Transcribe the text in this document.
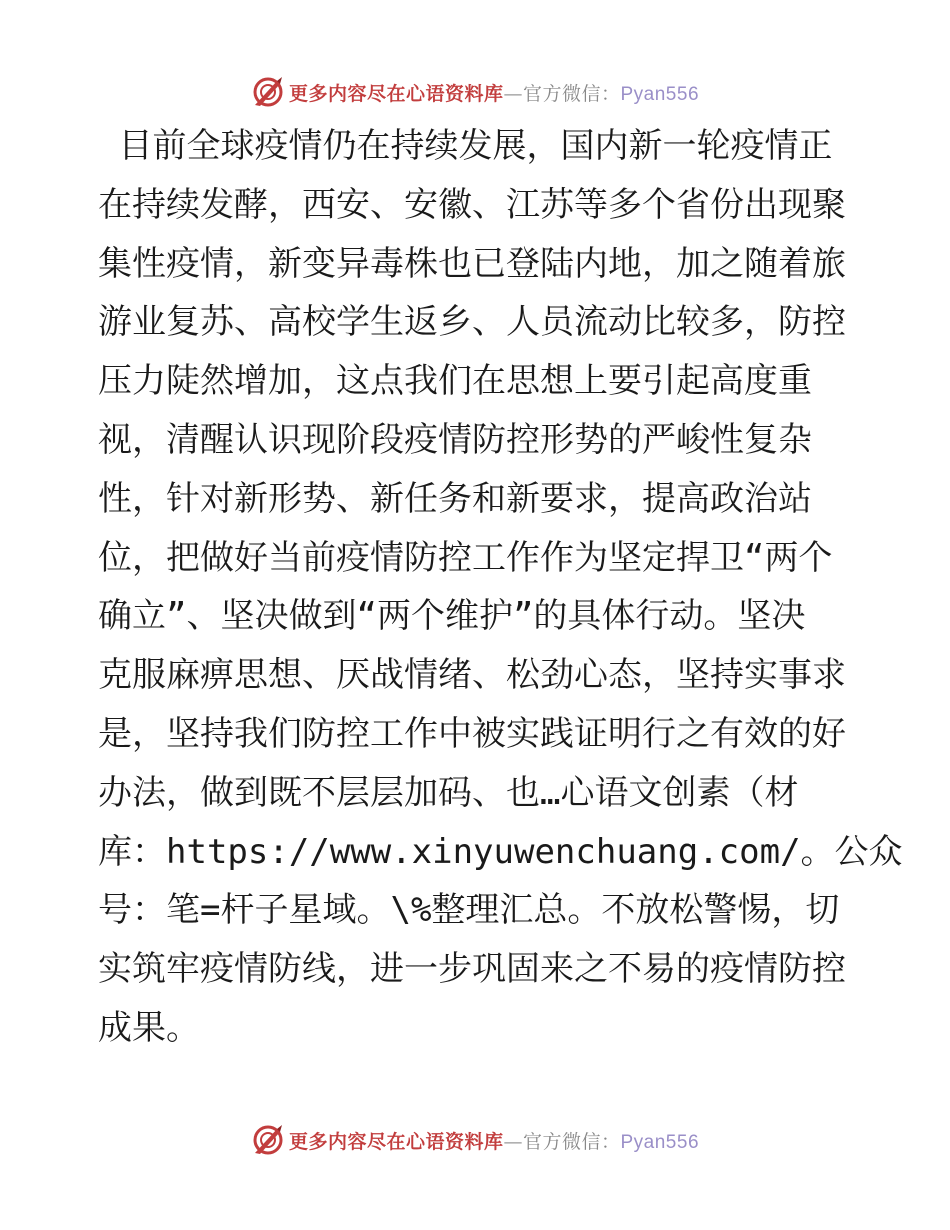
更多内容尽在心语资料库—官方微信：Pyan556
目前全球疫情仍在持续发展，国内新一轮疫情正
在持续发酵，西安、安徽、江苏等多个省份出现聚
集性疫情，新变异毒株也已登陆内地，加之随着旅
游业复苏、高校学生返乡、人员流动比较多，防控
压力陡然增加，这点我们在思想上要引起高度重
视，清醒认识现阶段疫情防控形势的严峻性复杂
性，针对新形势、新任务和新要求，提高政治站
位，把做好当前疫情防控工作作为坚定捍卫“两个
确立”、坚决做到“两个维护”的具体行动。坚决
克服麻痹思想、厌战情绪、松劲心态，坚持实事求
是，坚持我们防控工作中被实践证明行之有效的好
办法，做到既不层层加码、也…心语文创素（材
库：https://www.xinyuwenchuang.com/。公众
号：笔=杆子星域。\%整理汇总。不放松警惕，切
实筑牢疫情防线，进一步巩固来之不易的疫情防控
成果。
更多内容尽在心语资料库—官方微信：Pyan556
